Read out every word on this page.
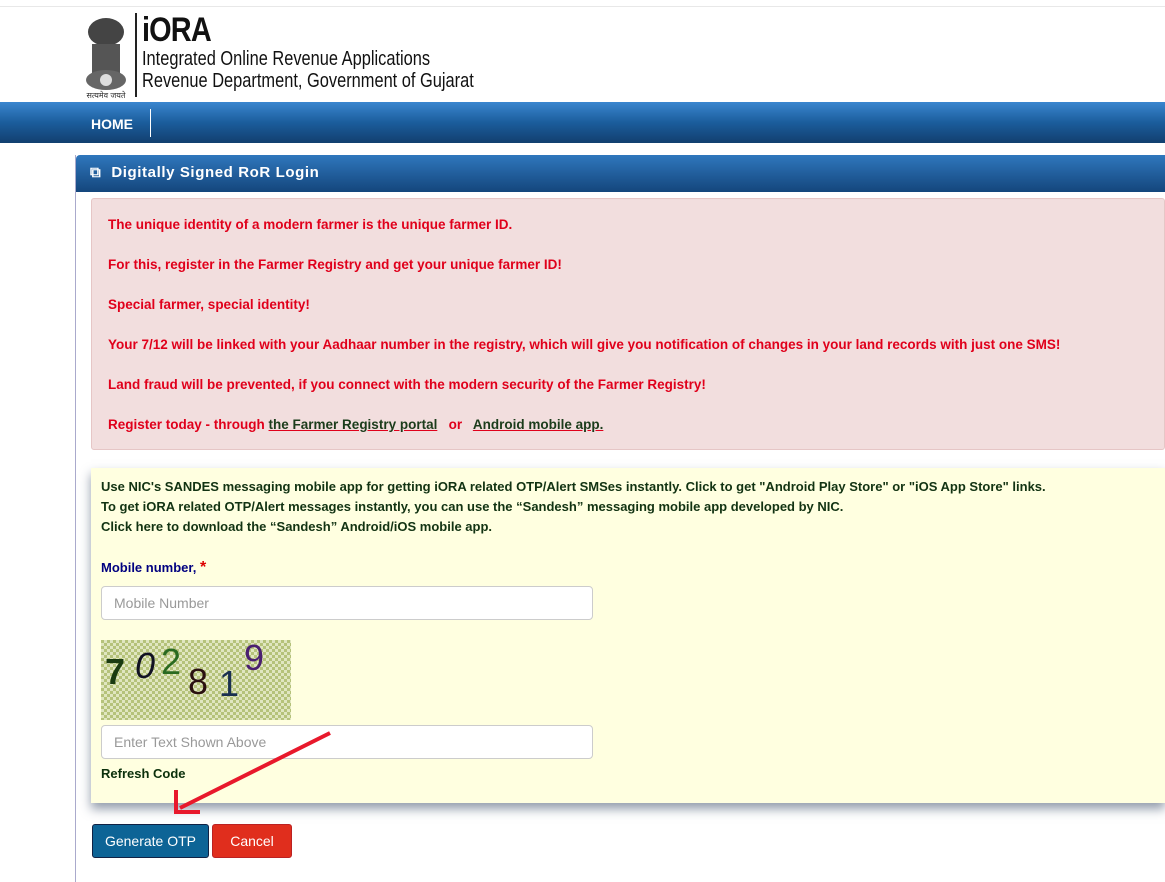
सत्यमेव जयते
iORA
Integrated Online Revenue Applications
Revenue Department, Government of Gujarat
HOME
⧉ Digitally Signed RoR Login

The unique identity of a modern farmer is the unique farmer ID.

For this, register in the Farmer Registry and get your unique farmer ID!

Special farmer, special identity!

Your 7/12 will be linked with your Aadhaar number in the registry, which will give you notification of changes in your land records with just one SMS!

Land fraud will be prevented, if you connect with the modern security of the Farmer Registry!

Register today - through the Farmer Registry portal or Android mobile app.

Use NIC's SANDES messaging mobile app for getting iORA related OTP/Alert SMSes instantly. Click to get "Android Play Store" or "iOS App Store" links.
To get iORA related OTP/Alert messages instantly, you can use the “Sandesh” messaging mobile app developed by NIC.
Click here to download the “Sandesh” Android/iOS mobile app.
Mobile number, *
Mobile Number
7 0 2 8 1
9
Enter Text Shown Above
Refresh Code
Generate OTP	Cancel
